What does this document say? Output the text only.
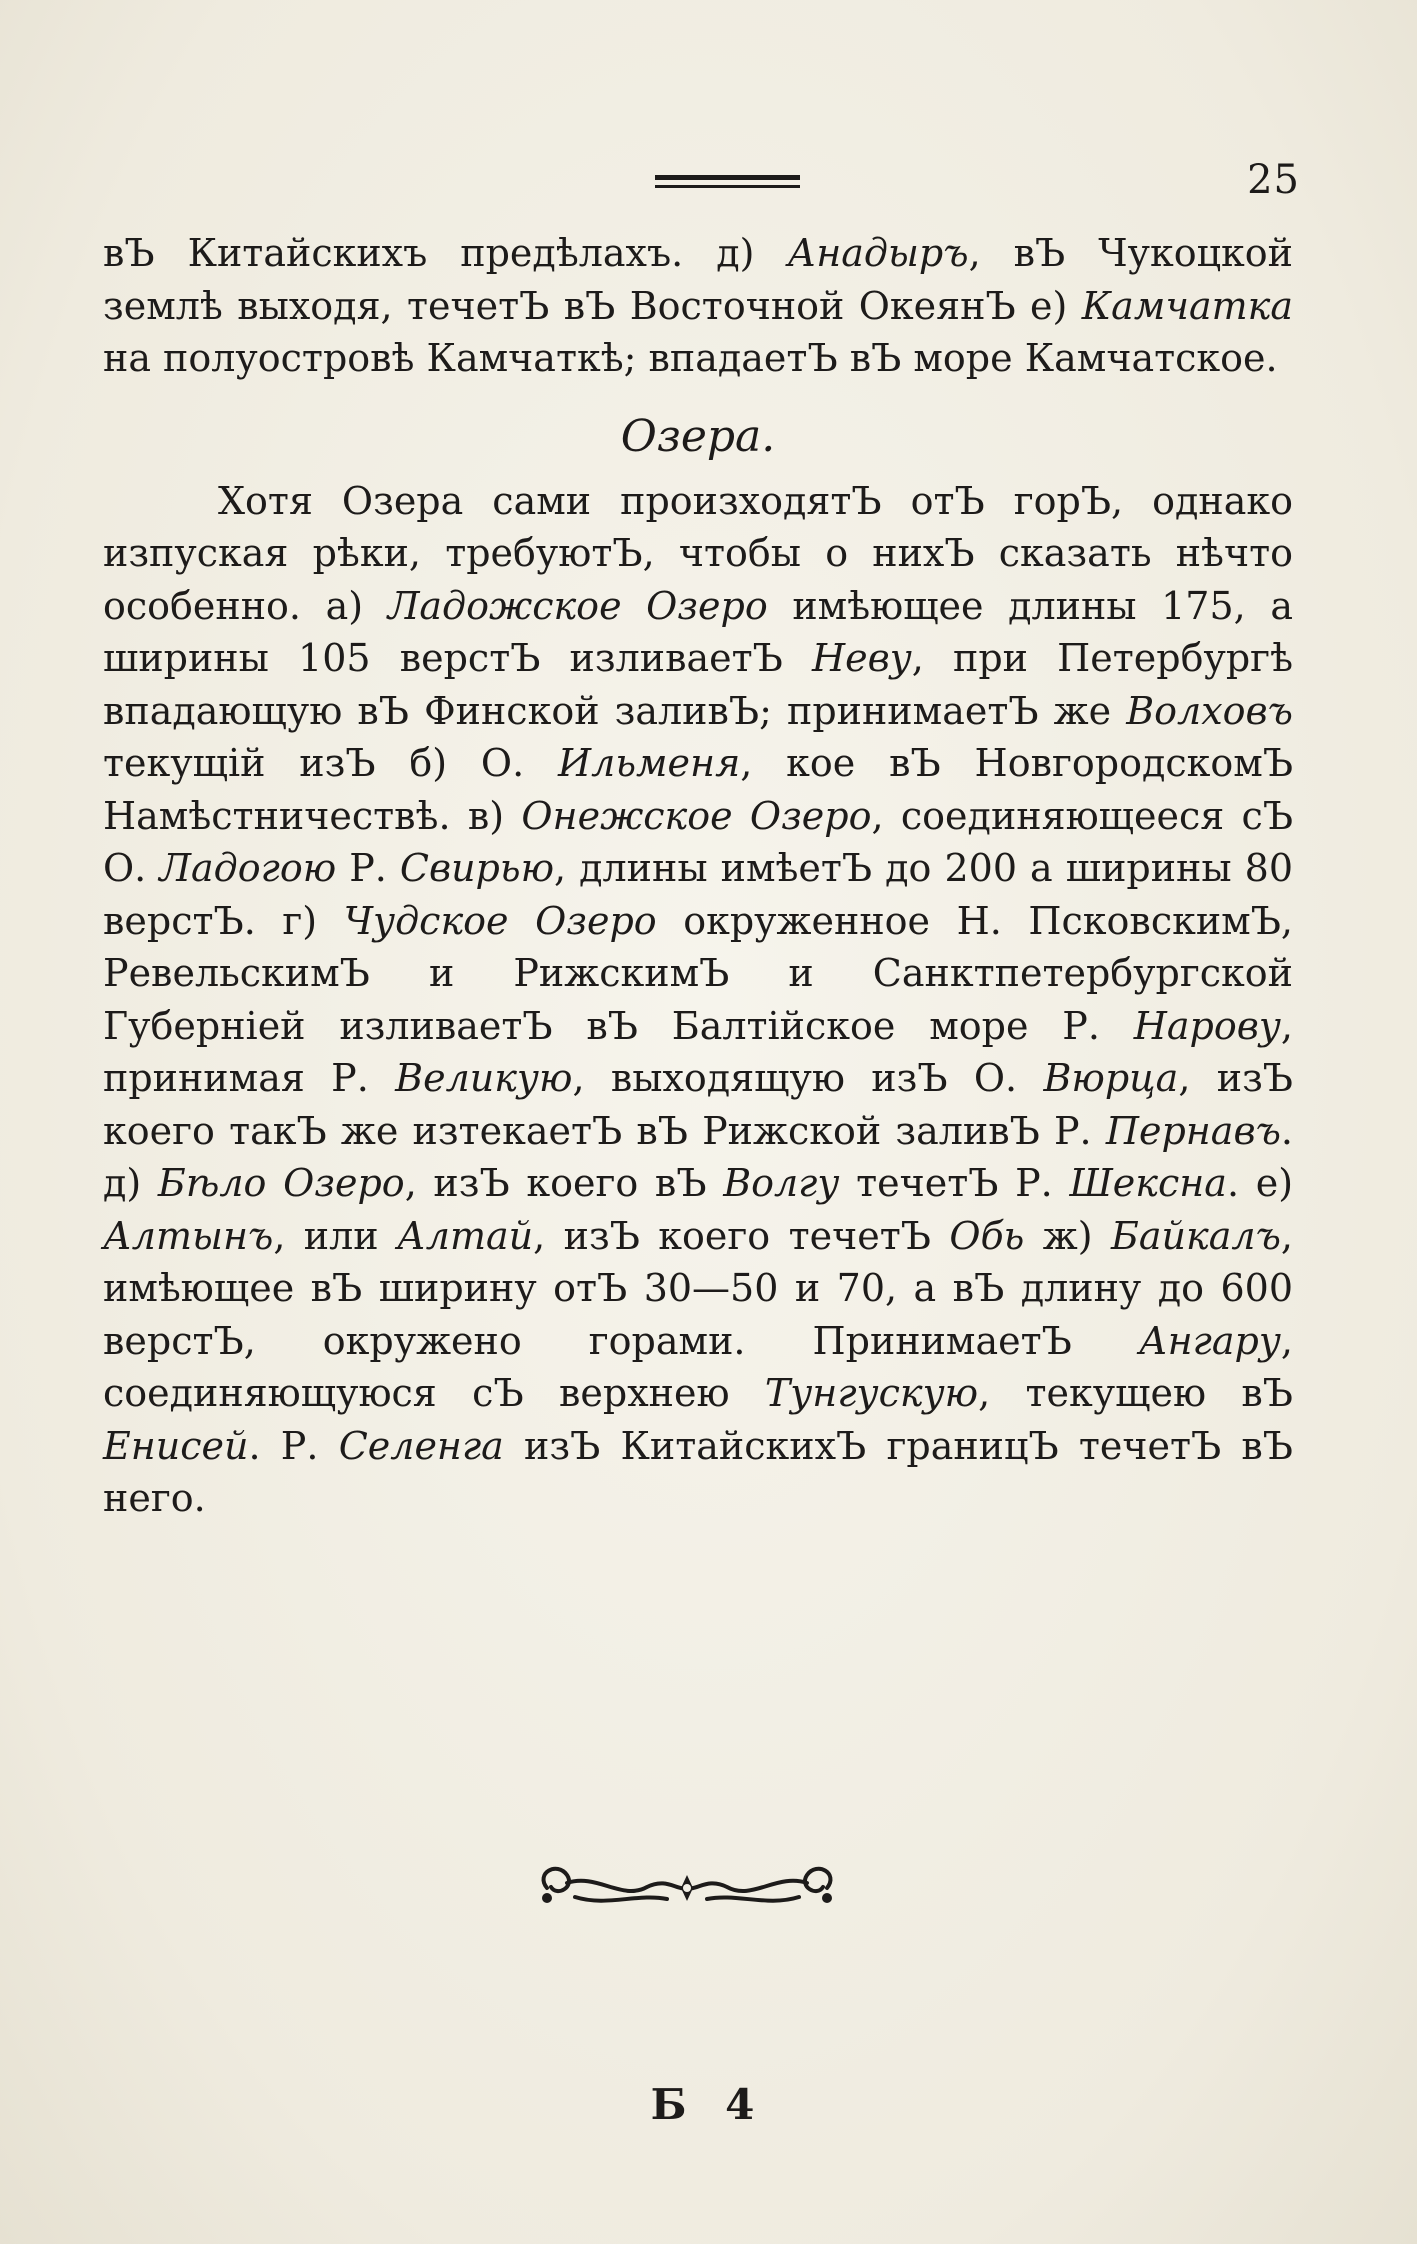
25

вЪ Китайскихъ предѣлахъ. д) Анадыръ, вЪ Чукоцкой землѣ выходя, течетЪ вЪ Восточной ОкеянЪ е) Камчатка на полуостровѣ Камчаткѣ; впадаетЪ вЪ море Камчатское.

Озера.

Хотя Озера сами произходятЪ отЪ горЪ, однако изпуская рѣки, требуютЪ, чтобы о нихЪ сказать нѣчто особенно. а) Ладожское Озеро имѣющее длины 175, а ширины 105 верстЪ изливаетЪ Неву, при Петербургѣ впадающую вЪ Финской заливЪ; принимаетЪ же Волховъ текущій изЪ б) О. Ильменя, кое вЪ НовгородскомЪ Намѣстничествѣ. в) Онежское Озеро, соединяющееся сЪ О. Ладогою Р. Свирью, длины имѣетЪ до 200 а ширины 80 верстЪ. г) Чудское Озеро окруженное Н. ПсковскимЪ, РевельскимЪ и РижскимЪ и Санктпетербургской Губерніей изливаетЪ вЪ Балтійское море Р. Нарову, принимая Р. Великую, выходящую изЪ О. Вюрца, изЪ коего такЪ же изтекаетЪ вЪ Рижской заливЪ Р. Пернавъ. д) Бѣло Озеро, изЪ коего вЪ Волгу течетЪ Р. Шексна. е) Алтынъ, или Алтай, изЪ коего течетЪ Обь ж) Байкалъ, имѣющее вЪ ширину отЪ 30—50 и 70, а вЪ длину до 600 верстЪ, окружено горами. ПринимаетЪ Ангару, соединяющуюся сЪ верхнею Тунгускую, текущею вЪ Енисей. Р. Селенга изЪ КитайскихЪ границЪ течетЪ вЪ него.

Б 4
